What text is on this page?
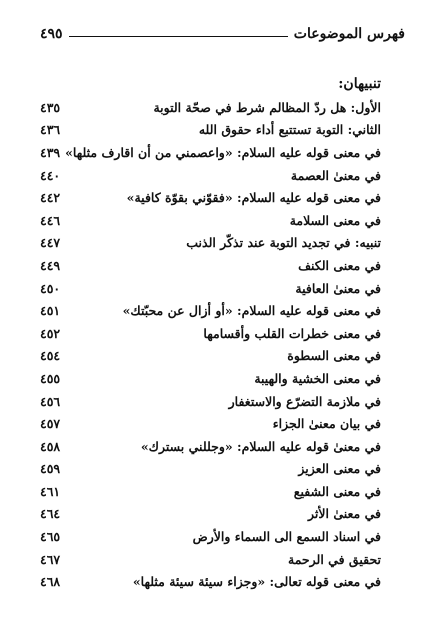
فهرس الموضوعات
٤٩٥
تنبيهان:
الأول: هل ردّ المظالم شرط في صحّة التوبة
٤٣٥
الثاني: التوبة تستتبع أداء حقوق الله
٤٣٦
في معنى قوله عليه السلام: «واعصمني من أن اقارف مثلها»
٤٣٩
في معنىٰ العصمة
٤٤٠
في معنى قوله عليه السلام: «فقوّني بقوّة كافية»
٤٤٢
في معنى السلامة
٤٤٦
تنبيه: في تجديد التوبة عند تذكّر الذنب
٤٤٧
في معنى الكنف
٤٤٩
في معنىٰ العافية
٤٥٠
في معنى قوله عليه السلام: «أو أزال عن محبّتك»
٤٥١
في معنى خطرات القلب وأقسامها
٤٥٢
في معنى السطوة
٤٥٤
في معنى الخشية والهيبة
٤٥٥
في ملازمة التضرّع والاستغفار
٤٥٦
في بيان معنىٰ الجزاء
٤٥٧
في معنىٰ قوله عليه السلام: «وجللني بسترك»
٤٥٨
في معنى العزيز
٤٥٩
في معنى الشفيع
٤٦١
في معنىٰ الأثر
٤٦٤
في اسناد السمع الى السماء والأرض
٤٦٥
تحقيق في الرحمة
٤٦٧
في معنى قوله تعالى: «وجزاء سيئة سيئة مثلها»
٤٦٨
